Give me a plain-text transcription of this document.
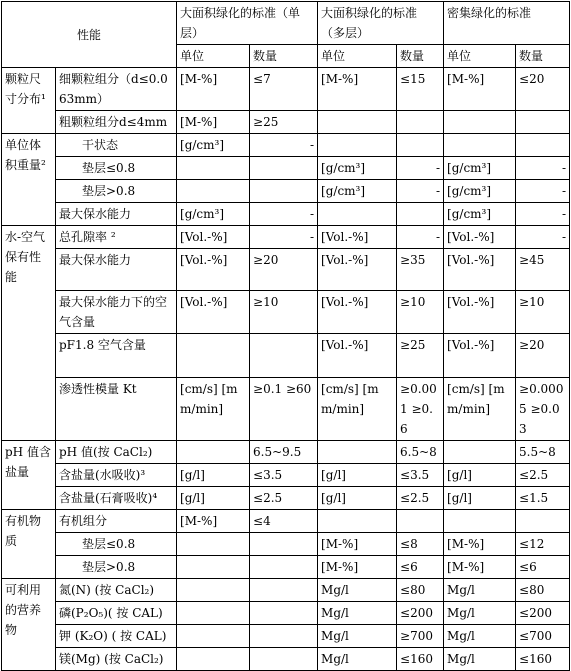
性能		大面积绿化的标准（单层）		大面积绿化的标准（多层）		密集绿化的标准	
		单位	数量	单位	数量	单位	数量
颗粒尺寸分布¹	细颗粒组分（d≤0.063mm）	[M-%]	≤7	[M-%]	≤15	[M-%]	≤20
	粗颗粒组分d≤4mm	[M-%]	≥25				
单位体积重量²	干状态	[g/cm³]	-				
	垫层≤0.8			[g/cm³]	-	[g/cm³]	-
	垫层>0.8			[g/cm³]	-	[g/cm³]	-
	最大保水能力	[g/cm³]	-			[g/cm³]	-
水-空气保有性能	总孔隙率 ²	[Vol.-%]	-	[Vol.-%]	-	[Vol.-%]	-
	最大保水能力	[Vol.-%]	≥20	[Vol.-%]	≥35	[Vol.-%]	≥45
	最大保水能力下的空气含量	[Vol.-%]	≥10	[Vol.-%]	≥10	[Vol.-%]	≥10
	pF1.8 空气含量			[Vol.-%]	≥25	[Vol.-%]	≥20
	渗透性模量 Kt	[cm/s] [mm/min]	≥0.1 ≥60	[cm/s] [mm/min]	≥0.001 ≥0.6	[cm/s] [mm/min]	≥0.0005 ≥0.03
pH 值含盐量	pH 值(按 CaCl₂)		6.5~9.5		6.5~8		5.5~8
	含盐量(水吸收)³	[g/l]	≤3.5	[g/l]	≤3.5	[g/l]	≤2.5
	含盐量(石膏吸收)⁴	[g/l]	≤2.5	[g/l]	≤2.5	[g/l]	≤1.5
有机物质	有机组分	[M-%]	≤4				
	垫层≤0.8			[M-%]	≤8	[M-%]	≤12
	垫层>0.8			[M-%]	≤6	[M-%]	≤6
可利用的营养物	氮(N) (按 CaCl₂)			Mg/l	≤80	Mg/l	≤80
	磷(P₂O₅)( 按 CAL)			Mg/l	≤200	Mg/l	≤200
	钾 (K₂O) ( 按 CAL)			Mg/l	≥700	Mg/l	≤700
	镁(Mg) (按 CaCl₂)			Mg/l	≤160	Mg/l	≤160
